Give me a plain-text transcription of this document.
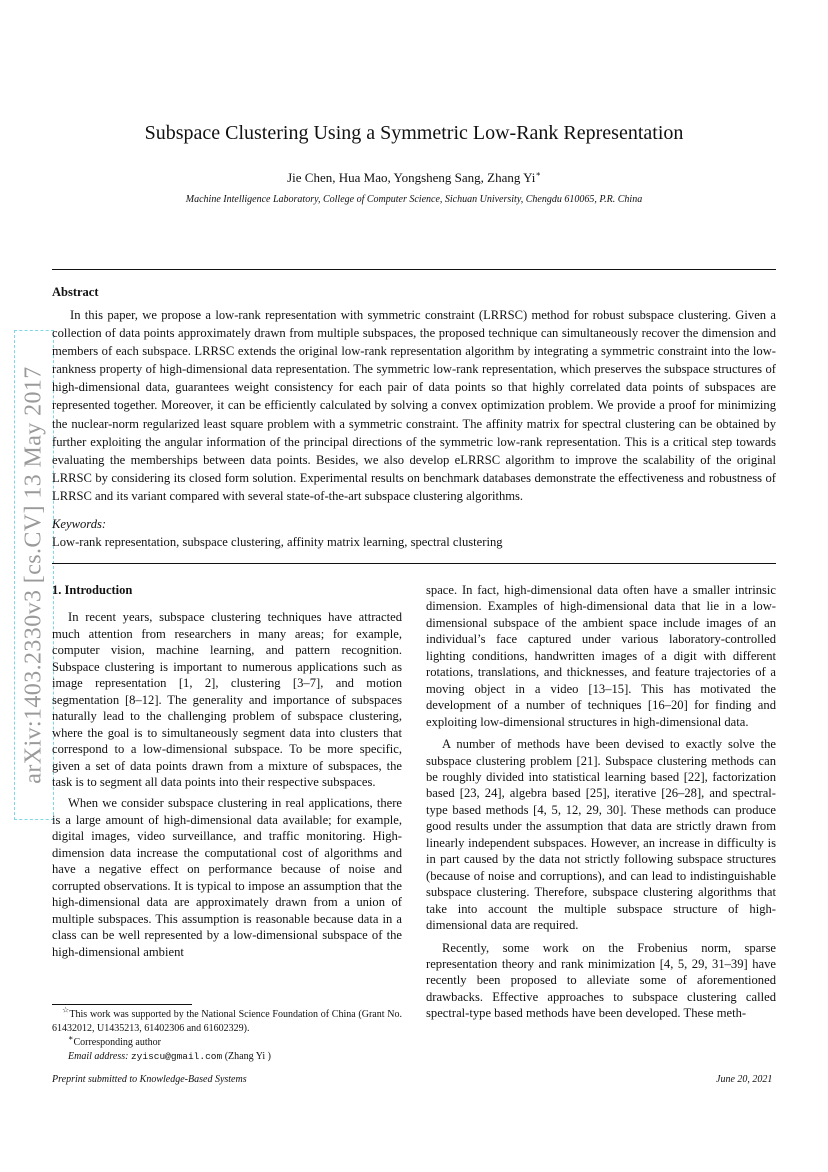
arXiv:1403.2330v3 [cs.CV] 13 May 2017
Subspace Clustering Using a Symmetric Low-Rank Representation
Jie Chen, Hua Mao, Yongsheng Sang, Zhang Yi∗
Machine Intelligence Laboratory, College of Computer Science, Sichuan University, Chengdu 610065, P.R. China
Abstract
In this paper, we propose a low-rank representation with symmetric constraint (LRRSC) method for robust subspace clustering. Given a collection of data points approximately drawn from multiple subspaces, the proposed technique can simultaneously recover the dimension and members of each subspace. LRRSC extends the original low-rank representation algorithm by integrating a symmetric constraint into the low-rankness property of high-dimensional data representation. The symmetric low-rank representation, which preserves the subspace structures of high-dimensional data, guarantees weight consistency for each pair of data points so that highly correlated data points of subspaces are represented together. Moreover, it can be efficiently calculated by solving a convex optimization problem. We provide a proof for minimizing the nuclear-norm regularized least square problem with a symmetric constraint. The affinity matrix for spectral clustering can be obtained by further exploiting the angular information of the principal directions of the symmetric low-rank representation. This is a critical step towards evaluating the memberships between data points. Besides, we also develop eLRRSC algorithm to improve the scalability of the original LRRSC by considering its closed form solution. Experimental results on benchmark databases demonstrate the effectiveness and robustness of LRRSC and its variant compared with several state-of-the-art subspace clustering algorithms.
Keywords:
Low-rank representation, subspace clustering, affinity matrix learning, spectral clustering
1. Introduction

In recent years, subspace clustering techniques have attracted much attention from researchers in many areas; for example, computer vision, machine learning, and pattern recognition. Subspace clustering is important to numerous applications such as image representation [1, 2], clustering [3–7], and motion segmentation [8–12]. The generality and importance of subspaces naturally lead to the challenging problem of subspace clustering, where the goal is to simultaneously segment data into clusters that correspond to a low-dimensional subspace. To be more specific, given a set of data points drawn from a mixture of subspaces, the task is to segment all data points into their respective subspaces.

When we consider subspace clustering in real applications, there is a large amount of high-dimensional data available; for example, digital images, video surveillance, and traffic monitoring. High-dimension data increase the computational cost of algorithms and have a negative effect on performance because of noise and corrupted observations. It is typical to impose an assumption that the high-dimensional data are approximately drawn from a union of multiple subspaces. This assumption is reasonable because data in a class can be well represented by a low-dimensional subspace of the high-dimensional ambient

space. In fact, high-dimensional data often have a smaller intrinsic dimension. Examples of high-dimensional data that lie in a low-dimensional subspace of the ambient space include images of an individual’s face captured under various laboratory-controlled lighting conditions, handwritten images of a digit with different rotations, translations, and thicknesses, and feature trajectories of a moving object in a video [13–15]. This has motivated the development of a number of techniques [16–20] for finding and exploiting low-dimensional structures in high-dimensional data.

A number of methods have been devised to exactly solve the subspace clustering problem [21]. Subspace clustering methods can be roughly divided into statistical learning based [22], factorization based [23, 24], algebra based [25], iterative [26–28], and spectral-type based methods [4, 5, 12, 29, 30]. These methods can produce good results under the assumption that data are strictly drawn from linearly independent subspaces. However, an increase in difficulty is in part caused by the data not strictly following subspace structures (because of noise and corruptions), and can lead to indistinguishable subspace clustering. Therefore, subspace clustering algorithms that take into account the multiple subspace structure of high-dimensional data are required.

Recently, some work on the Frobenius norm, sparse representation theory and rank minimization [4, 5, 29, 31–39] have recently been proposed to alleviate some of aforementioned drawbacks. Effective approaches to subspace clustering called spectral-type based methods have been developed. These meth-

☆This work was supported by the National Science Foundation of China (Grant No. 61432012, U1435213, 61402306 and 61602329).

∗Corresponding author

Email address: zyiscu@gmail.com (Zhang Yi )

Preprint submitted to Knowledge-Based Systems	June 20, 2021
